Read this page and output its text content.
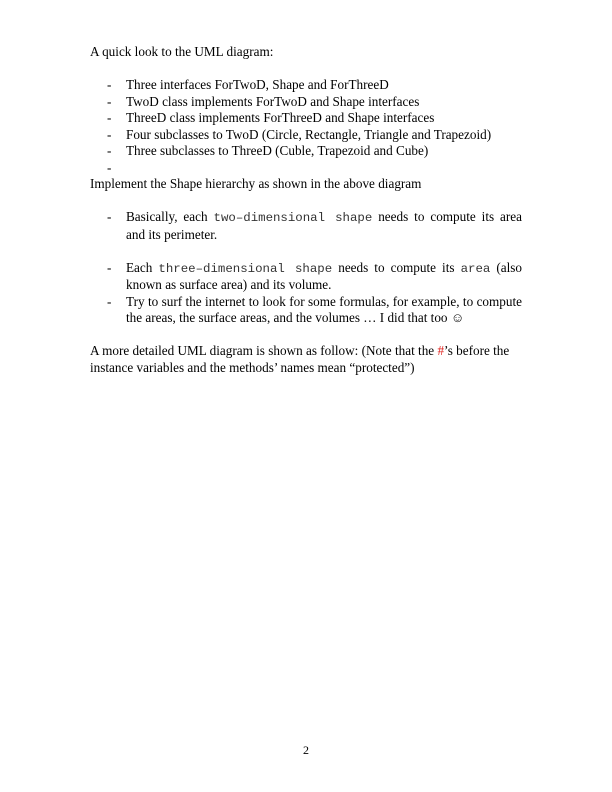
A quick look to the UML diagram:

- Three interfaces ForTwoD, Shape and ForThreeD
- TwoD class implements ForTwoD and Shape interfaces
- ThreeD class implements ForThreeD and Shape interfaces
- Four subclasses to TwoD (Circle, Rectangle, Triangle and Trapezoid)
- Three subclasses to ThreeD (Cuble, Trapezoid and Cube)
-

Implement the Shape hierarchy as shown in the above diagram

- Basically, each two–dimensional shape needs to compute its area and its perimeter.
- Each three–dimensional shape needs to compute its area (also known as surface area) and its volume.
- Try to surf the internet to look for some formulas, for example, to compute the areas, the surface areas, and the volumes … I did that too ☺

A more detailed UML diagram is shown as follow: (Note that the #’s before the instance variables and the methods’ names mean “protected”)

2
